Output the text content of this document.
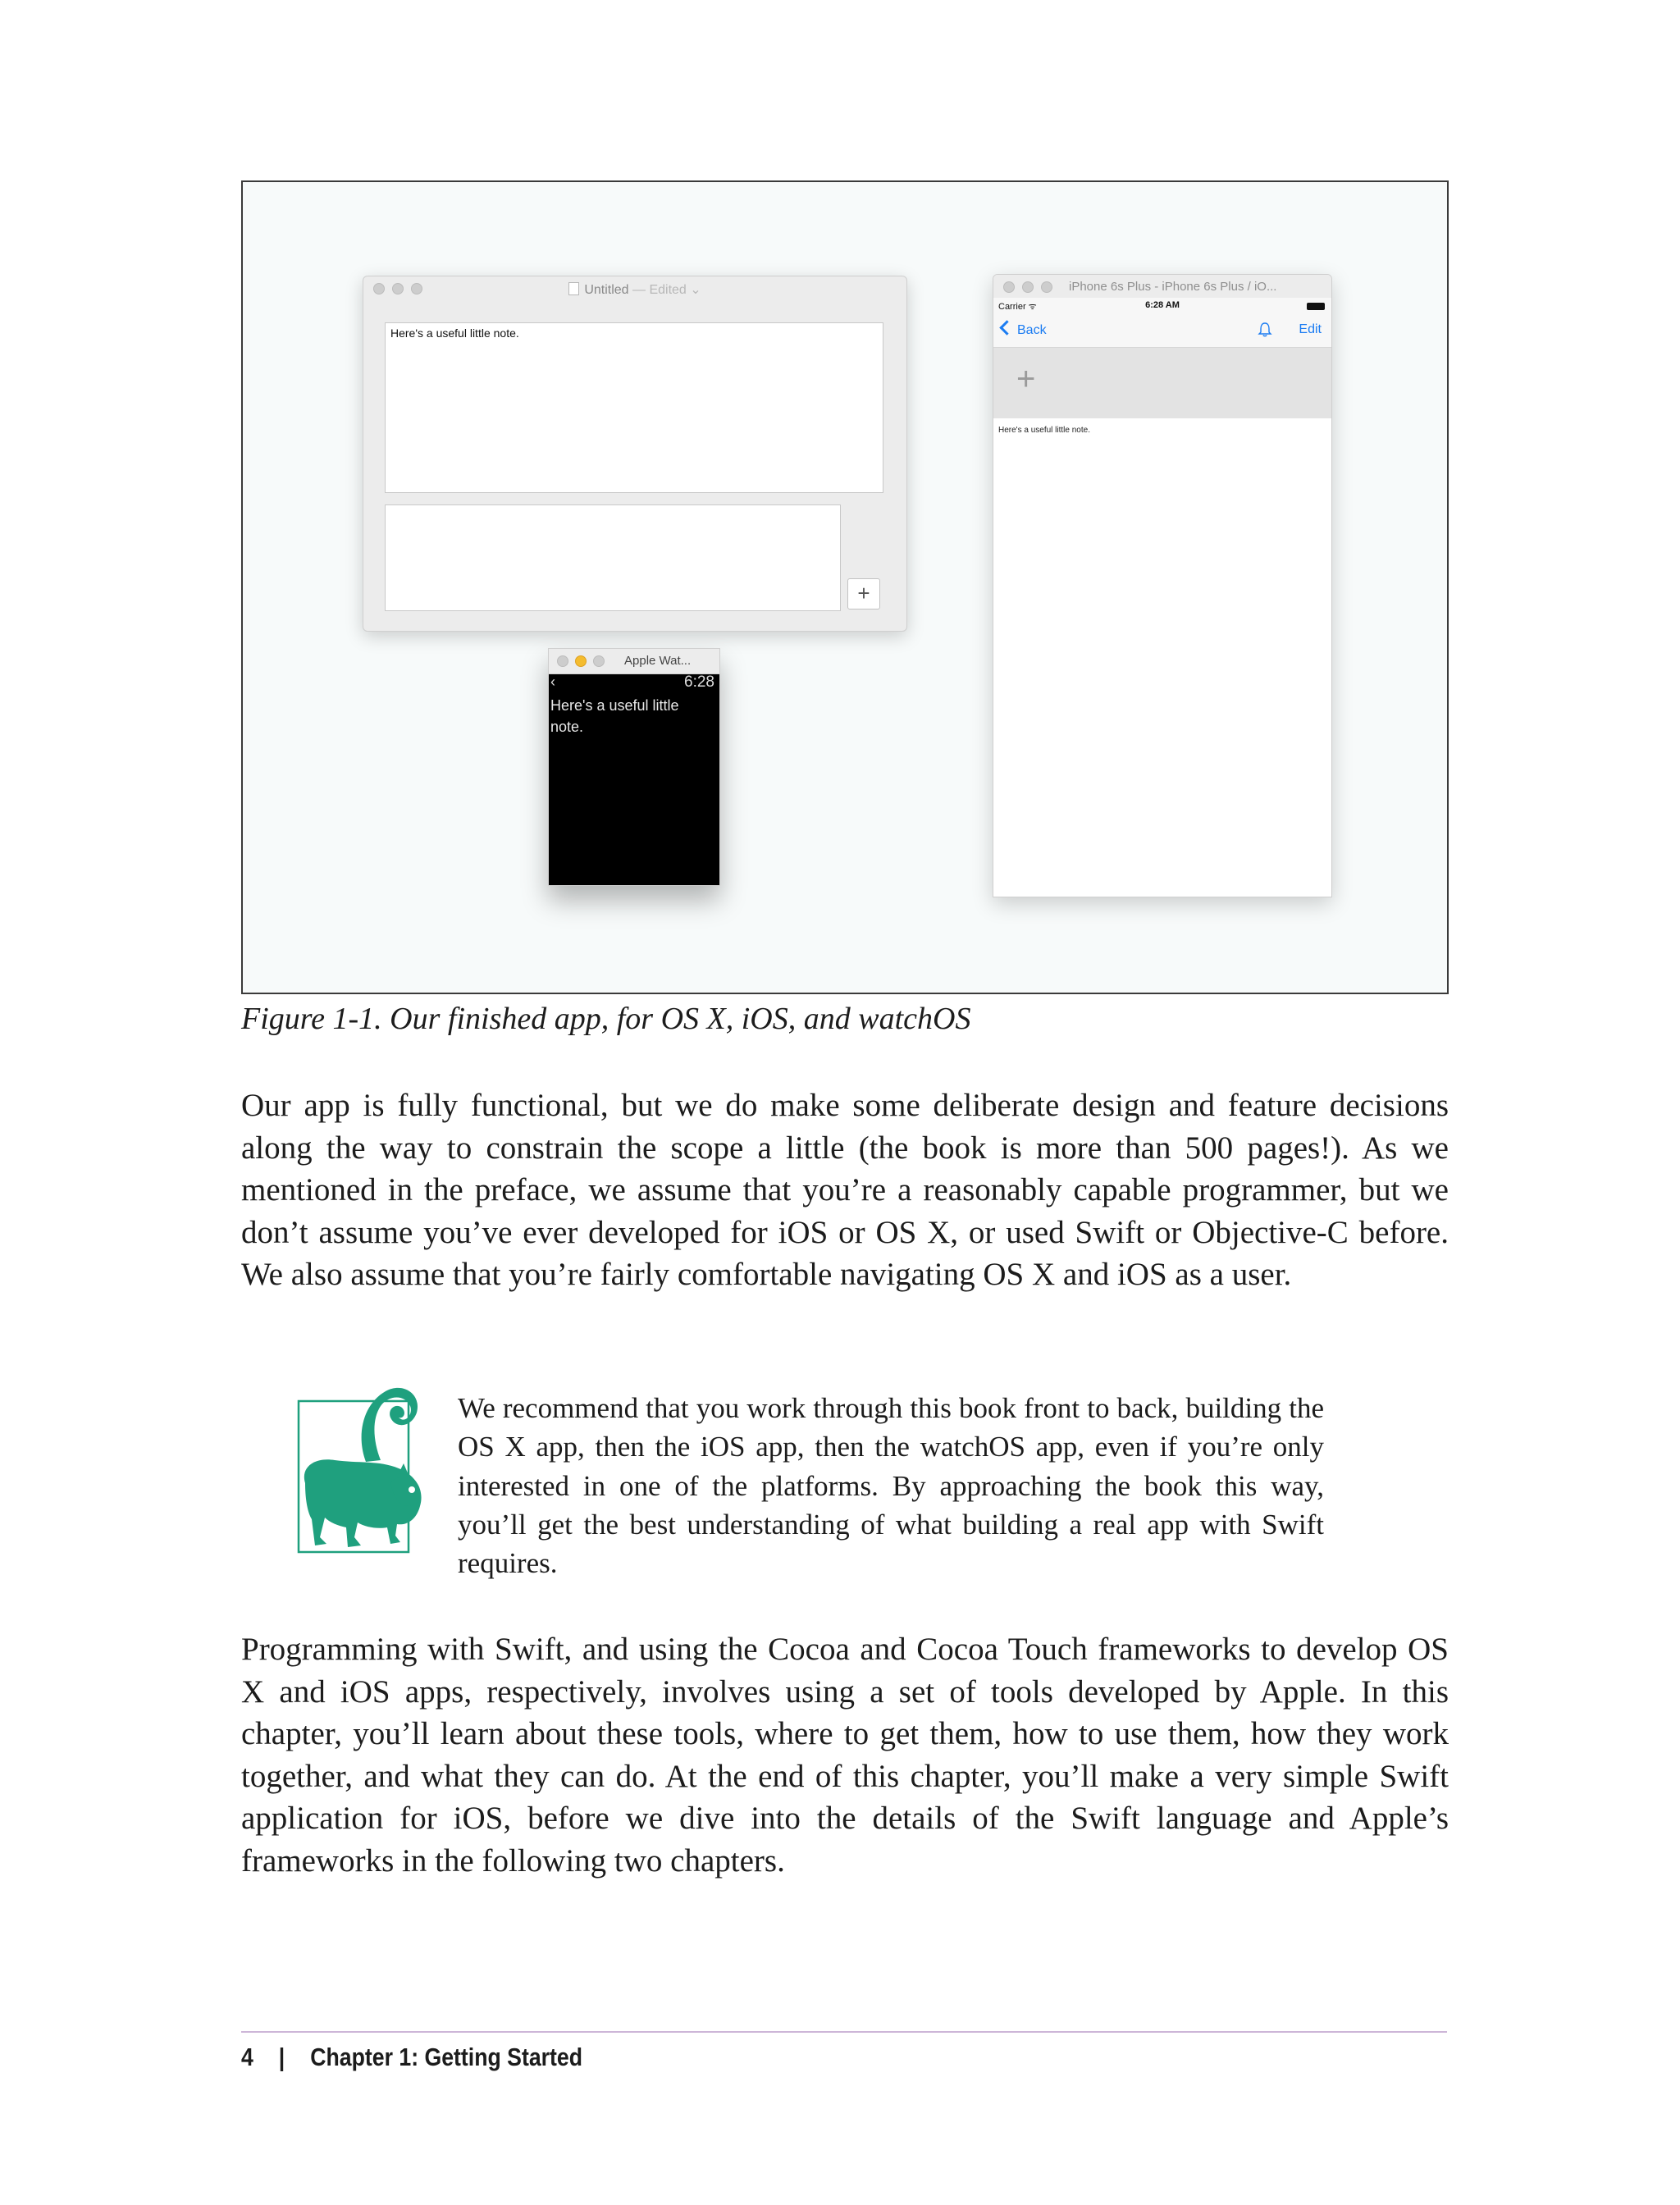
Untitled — Edited ⌄
Here's a useful little note.
+
iPhone 6s Plus - iPhone 6s Plus / iO...
Carrier ᯤ	6:28 AM
Back	Edit
+
Here's a useful little note.
Apple Wat...
‹	6:28
Here's a useful little note.
Figure 1-1. Our finished app, for OS X, iOS, and watchOS

Our app is fully functional, but we do make some deliberate design and feature decisions along the way to constrain the scope a little (the book is more than 500 pages!). As we mentioned in the preface, we assume that you’re a reasonably capable programmer, but we don’t assume you’ve ever developed for iOS or OS X, or used Swift or Objective-C before. We also assume that you’re fairly comfortable navigating OS X and iOS as a user.

We recommend that you work through this book front to back, building the OS X app, then the iOS app, then the watchOS app, even if you’re only interested in one of the platforms. By approaching the book this way, you’ll get the best understanding of what building a real app with Swift requires.

Programming with Swift, and using the Cocoa and Cocoa Touch frameworks to develop OS X and iOS apps, respectively, involves using a set of tools developed by Apple. In this chapter, you’ll learn about these tools, where to get them, how to use them, how they work together, and what they can do. At the end of this chapter, you’ll make a very simple Swift application for iOS, before we dive into the details of the Swift language and Apple’s frameworks in the following two chapters.

4 | Chapter 1: Getting Started
